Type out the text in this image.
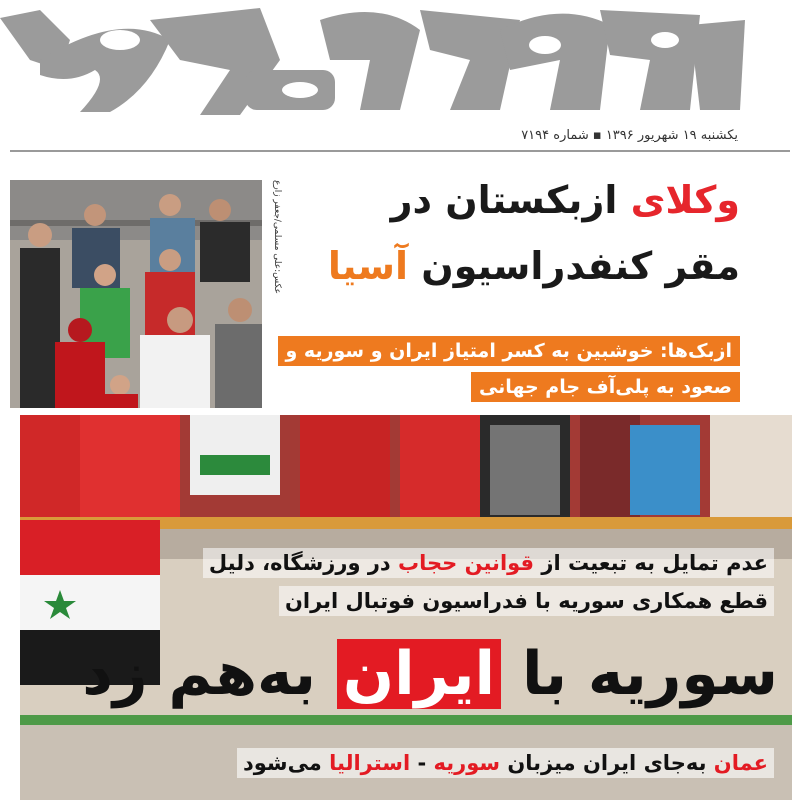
یکشنبه ۱۹ شهریور ۱۳۹۶ ▪ شماره ۷۱۹۴
عکس:علی مسلمی/جعفر زارع	وکلای ازبکستان در
مقر کنفدراسیون آسیا
ازبک‌ها: خوشبین به کسر امتیاز ایران و سوریه و
صعود به پلی‌آف جام جهانی
عدم تمایل به تبعیت از قوانین حجاب در ورزشگاه، دلیل
قطع همکاری سوریه با فدراسیون فوتبال ایران
سوریه با ایران به‌هم زد
عمان به‌جای ایران میزبان سوریه - استرالیا می‌شود
